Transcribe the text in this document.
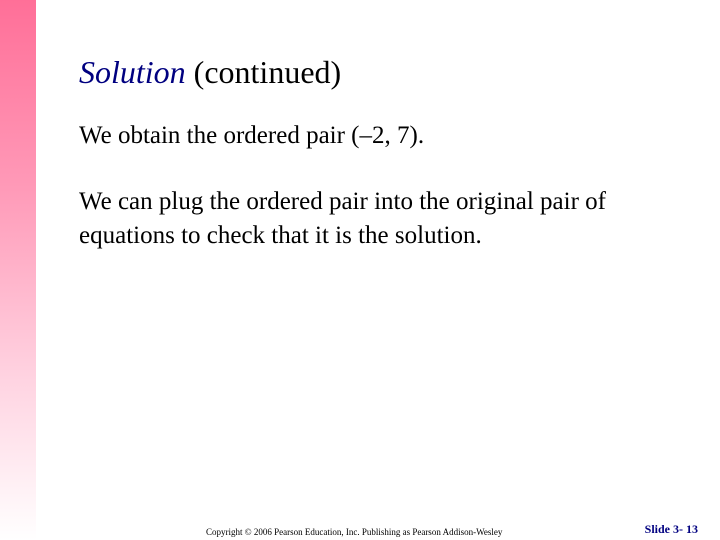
Solution (continued)
We obtain the ordered pair (–2, 7).
We can plug the ordered pair into the original pair of equations to check that it is the solution.
Copyright © 2006 Pearson Education, Inc. Publishing as Pearson Addison-Wesley	Slide 3- 13
